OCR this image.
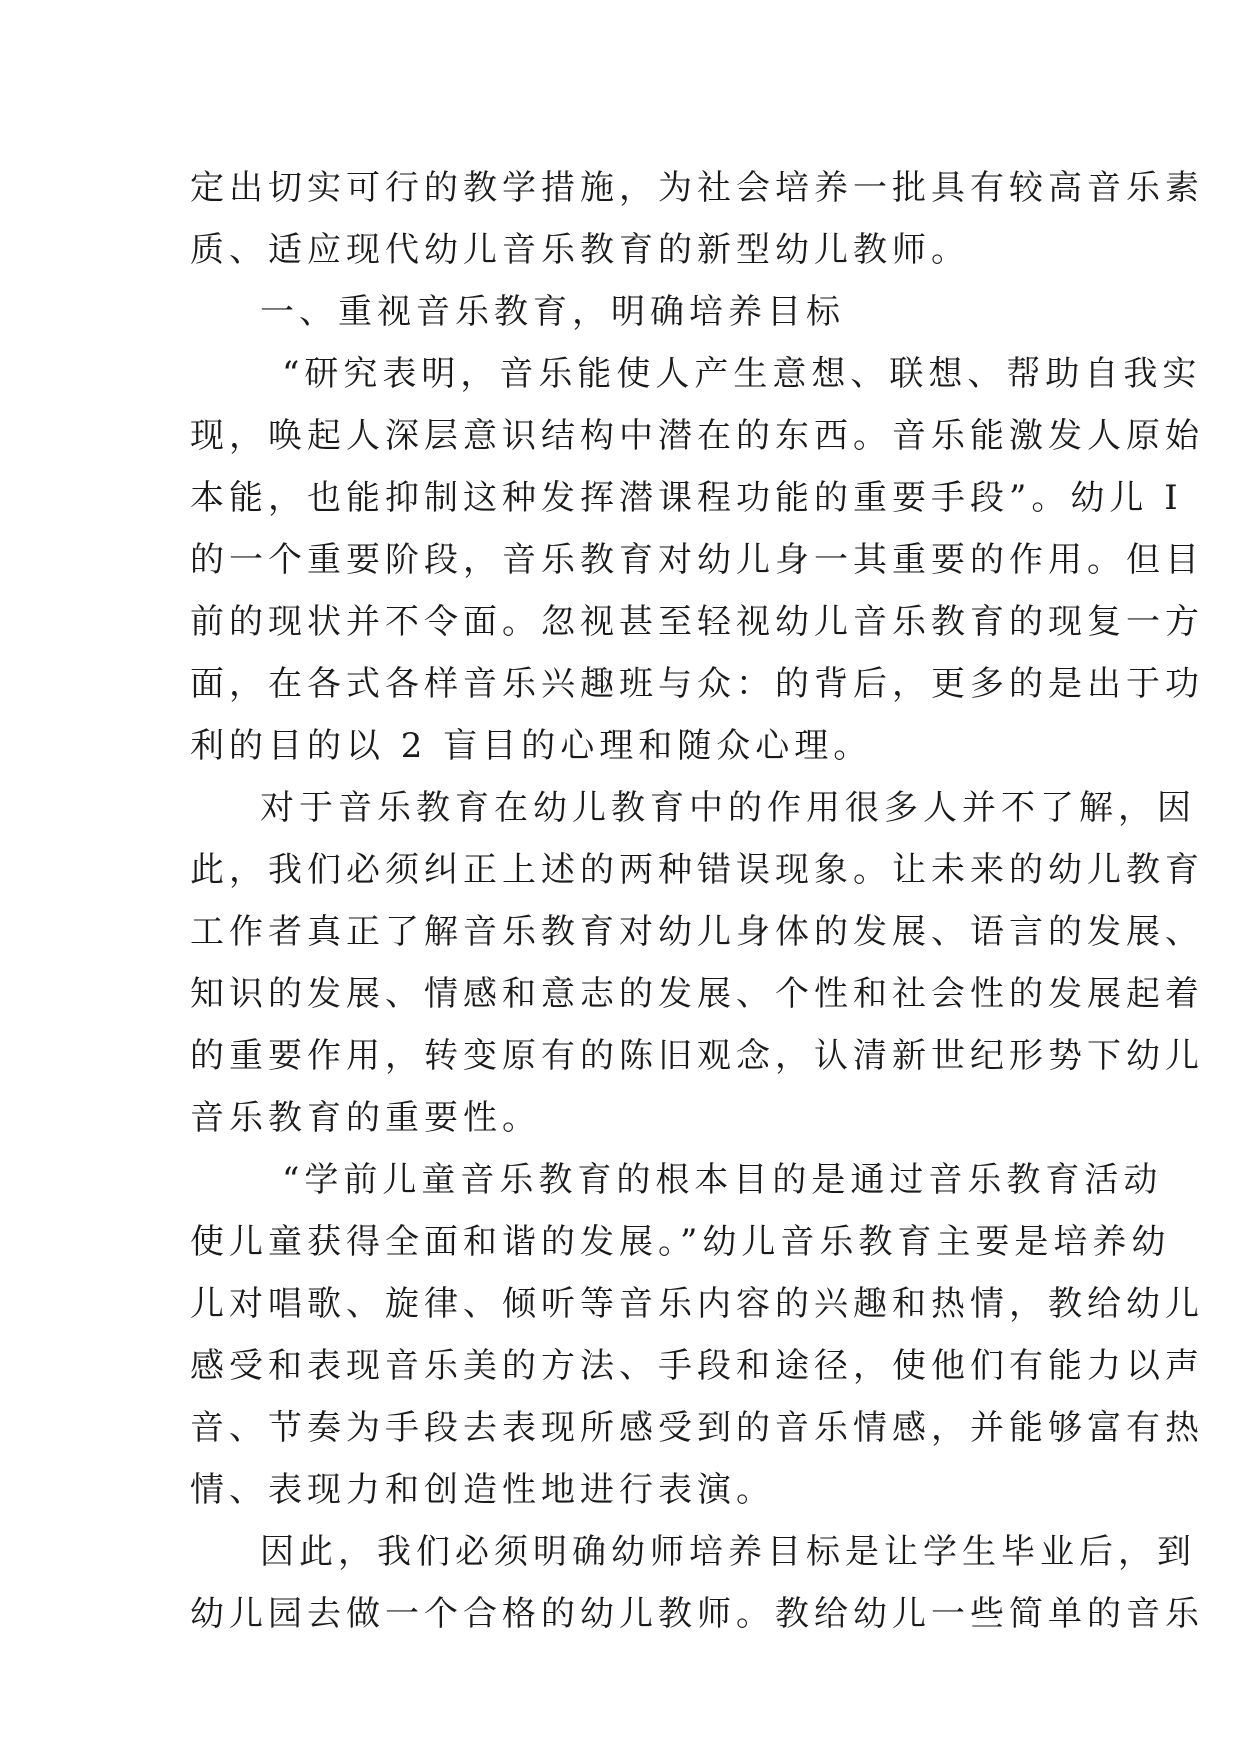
定出切实可行的教学措施，为社会培养一批具有较高音乐素
质、适应现代幼儿音乐教育的新型幼儿教师。
一、重视音乐教育，明确培养目标
“研究表明，音乐能使人产生意想、联想、帮助自我实
现，唤起人深层意识结构中潜在的东西。音乐能激发人原始
本能，也能抑制这种发挥潜课程功能的重要手段”。幼儿 I
的一个重要阶段，音乐教育对幼儿身一其重要的作用。但目
前的现状并不令面。忽视甚至轻视幼儿音乐教育的现复一方
面，在各式各样音乐兴趣班与众：的背后，更多的是出于功
利的目的以 2 盲目的心理和随众心理。
对于音乐教育在幼儿教育中的作用很多人并不了解，因
此，我们必须纠正上述的两种错误现象。让未来的幼儿教育
工作者真正了解音乐教育对幼儿身体的发展、语言的发展、
知识的发展、情感和意志的发展、个性和社会性的发展起着
的重要作用，转变原有的陈旧观念，认清新世纪形势下幼儿
音乐教育的重要性。
“学前儿童音乐教育的根本目的是通过音乐教育活动
使儿童获得全面和谐的发展。”幼儿音乐教育主要是培养幼
儿对唱歌、旋律、倾听等音乐内容的兴趣和热情，教给幼儿
感受和表现音乐美的方法、手段和途径，使他们有能力以声
音、节奏为手段去表现所感受到的音乐情感，并能够富有热
情、表现力和创造性地进行表演。
因此，我们必须明确幼师培养目标是让学生毕业后，到
幼儿园去做一个合格的幼儿教师。教给幼儿一些简单的音乐
